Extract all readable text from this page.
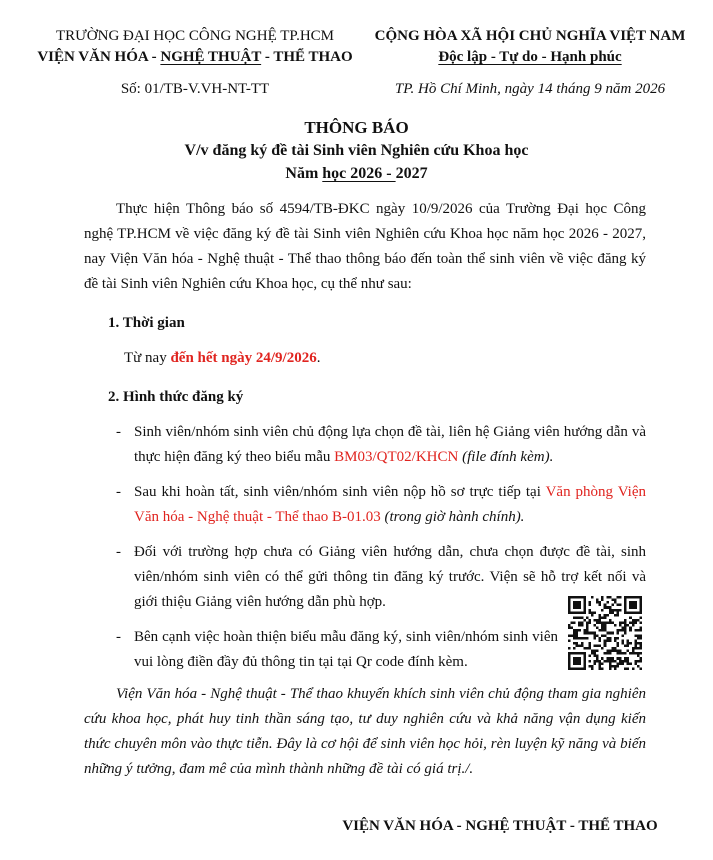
TRƯỜNG ĐẠI HỌC CÔNG NGHỆ TP.HCM
VIỆN VĂN HÓA - NGHỆ THUẬT - THỂ THAO
Số: 01/TB-V.VH-NT-TT
CỘNG HÒA XÃ HỘI CHỦ NGHĨA VIỆT NAM
Độc lập - Tự do - Hạnh phúc
TP. Hồ Chí Minh, ngày 14 tháng 9 năm 2026
THÔNG BÁO
V/v đăng ký đề tài Sinh viên Nghiên cứu Khoa học
Năm học 2026 - 2027

Thực hiện Thông báo số 4594/TB-ĐKC ngày 10/9/2026 của Trường Đại học Công nghệ TP.HCM về việc đăng ký đề tài Sinh viên Nghiên cứu Khoa học năm học 2026 - 2027, nay Viện Văn hóa - Nghệ thuật - Thể thao thông báo đến toàn thể sinh viên về việc đăng ký đề tài Sinh viên Nghiên cứu Khoa học, cụ thể như sau:

1. Thời gian
Từ nay đến hết ngày 24/9/2026.
2. Hình thức đăng ký
- Sinh viên/nhóm sinh viên chủ động lựa chọn đề tài, liên hệ Giảng viên hướng dẫn và thực hiện đăng ký theo biểu mẫu BM03/QT02/KHCN (file đính kèm).
- Sau khi hoàn tất, sinh viên/nhóm sinh viên nộp hồ sơ trực tiếp tại Văn phòng Viện Văn hóa - Nghệ thuật - Thể thao B-01.03 (trong giờ hành chính).
- Đối với trường hợp chưa có Giảng viên hướng dẫn, chưa chọn được đề tài, sinh viên/nhóm sinh viên có thể gửi thông tin đăng ký trước. Viện sẽ hỗ trợ kết nối và giới thiệu Giảng viên hướng dẫn phù hợp.
- Bên cạnh việc hoàn thiện biểu mẫu đăng ký, sinh viên/nhóm sinh viên vui lòng điền đầy đủ thông tin tại tại Qr code đính kèm.

Viện Văn hóa - Nghệ thuật - Thể thao khuyến khích sinh viên chủ động tham gia nghiên cứu khoa học, phát huy tinh thần sáng tạo, tư duy nghiên cứu và khả năng vận dụng kiến thức chuyên môn vào thực tiễn. Đây là cơ hội để sinh viên học hỏi, rèn luyện kỹ năng và biến những ý tưởng, đam mê của mình thành những đề tài có giá trị./.

VIỆN VĂN HÓA - NGHỆ THUẬT - THỂ THAO
